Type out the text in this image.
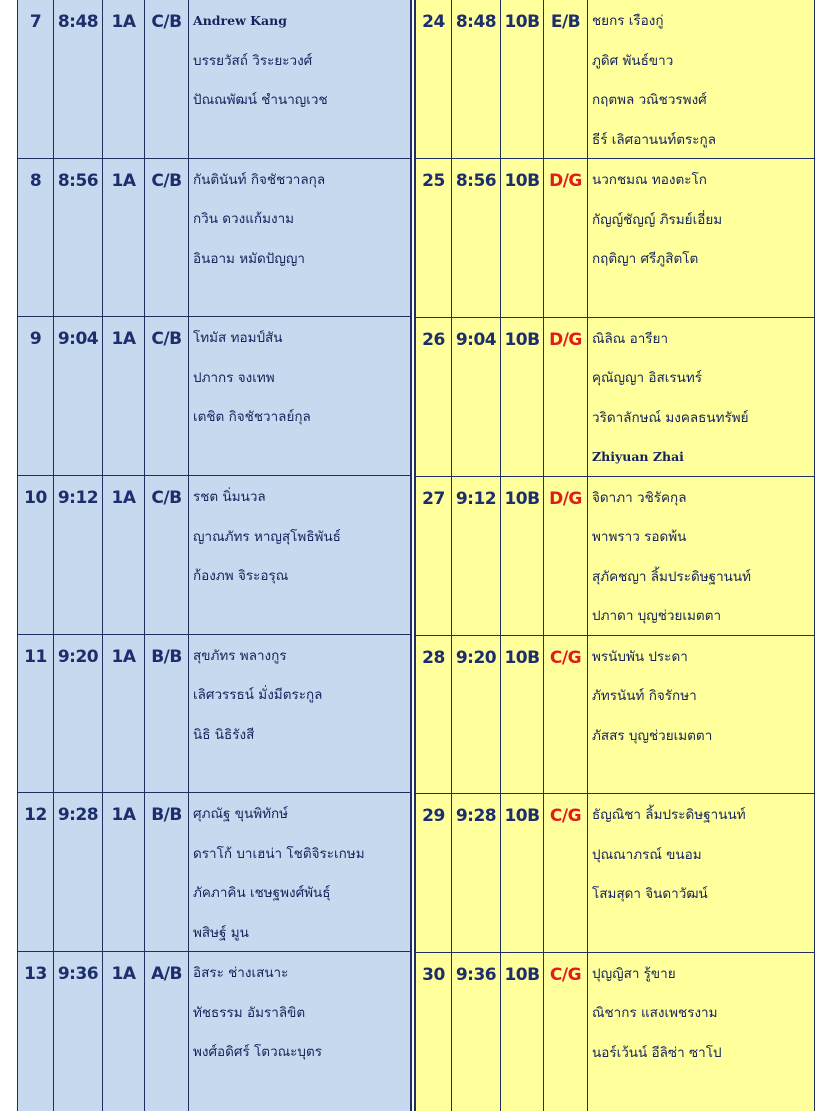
7 8:48 1A C/B Andrew Kang
บรรยวัสถ์ วิระยะวงศ์
ปัณณพัฒน์ ชำนาญเวช
8 8:56 1A C/B กันตินันท์ กิจชัชวาลกุล
กวิน ดวงแก้มงาม
อินอาม หมัดปัญญา
9 9:04 1A C/B โทมัส ทอมป์สัน
ปภากร จงเทพ
เตชิต กิจชัชวาลย์กุล
10 9:12 1A C/B รชต นิ่มนวล
ญาณภัทร หาญสุโพธิพันธ์
ก้องภพ จิระอรุณ
11 9:20 1A B/B สุขภัทร พลางกูร
เลิศวรรธน์ มั่งมีตระกูล
นิธิ นิธิรังสี
12 9:28 1A B/B ศุภณัฐ ขุนพิทักษ์
ดราโก้ บาเฮน่า โชติจิระเกษม
ภัคภาคิน เชษฐพงศ์พันธุ์
พสิษฐ์ มูน
13 9:36 1A A/B อิสระ ช่างเสนาะ
ทัชธรรม อัมราลิขิต
พงศ์อดิศร์ โตวณะบุตร
24 8:48 10B E/B ชยกร เรืองกู่
ภูดิศ พันธ์ขาว
กฤตพล วณิชวรพงศ์
ธีร์ เลิศอานนท์ตระกูล
25 8:56 10B D/G นวกชมณ ทองตะโก
กัญญ์ชัญญ์ ภิรมย์เอี่ยม
กฤติญา ศรีภูสิตโต
26 9:04 10B D/G ณิลิณ อารียา
คุณัญญา อิสเรนทร์
วริดาลักษณ์ มงคลธนทรัพย์
Zhiyuan Zhai
27 9:12 10B D/G จิดาภา วชิรัคกุล
พาพราว รอดพ้น
สุภัคชญา ลิ้มประดิษฐานนท์
ปภาดา บุญช่วยเมตตา
28 9:20 10B C/G พรนับพัน ประดา
ภัทรนันท์ กิจรักษา
ภัสสร บุญช่วยเมตตา
29 9:28 10B C/G ธัญณิชา ลิ้มประดิษฐานนท์
ปุณณาภรณ์ ขนอม
โสมสุดา จินดาวัฒน์
30 9:36 10B C/G ปุญญิสา รู้ขาย
ณิชากร แสงเพชรงาม
นอร์เว้นน์ อีลิซ่า ซาโป
